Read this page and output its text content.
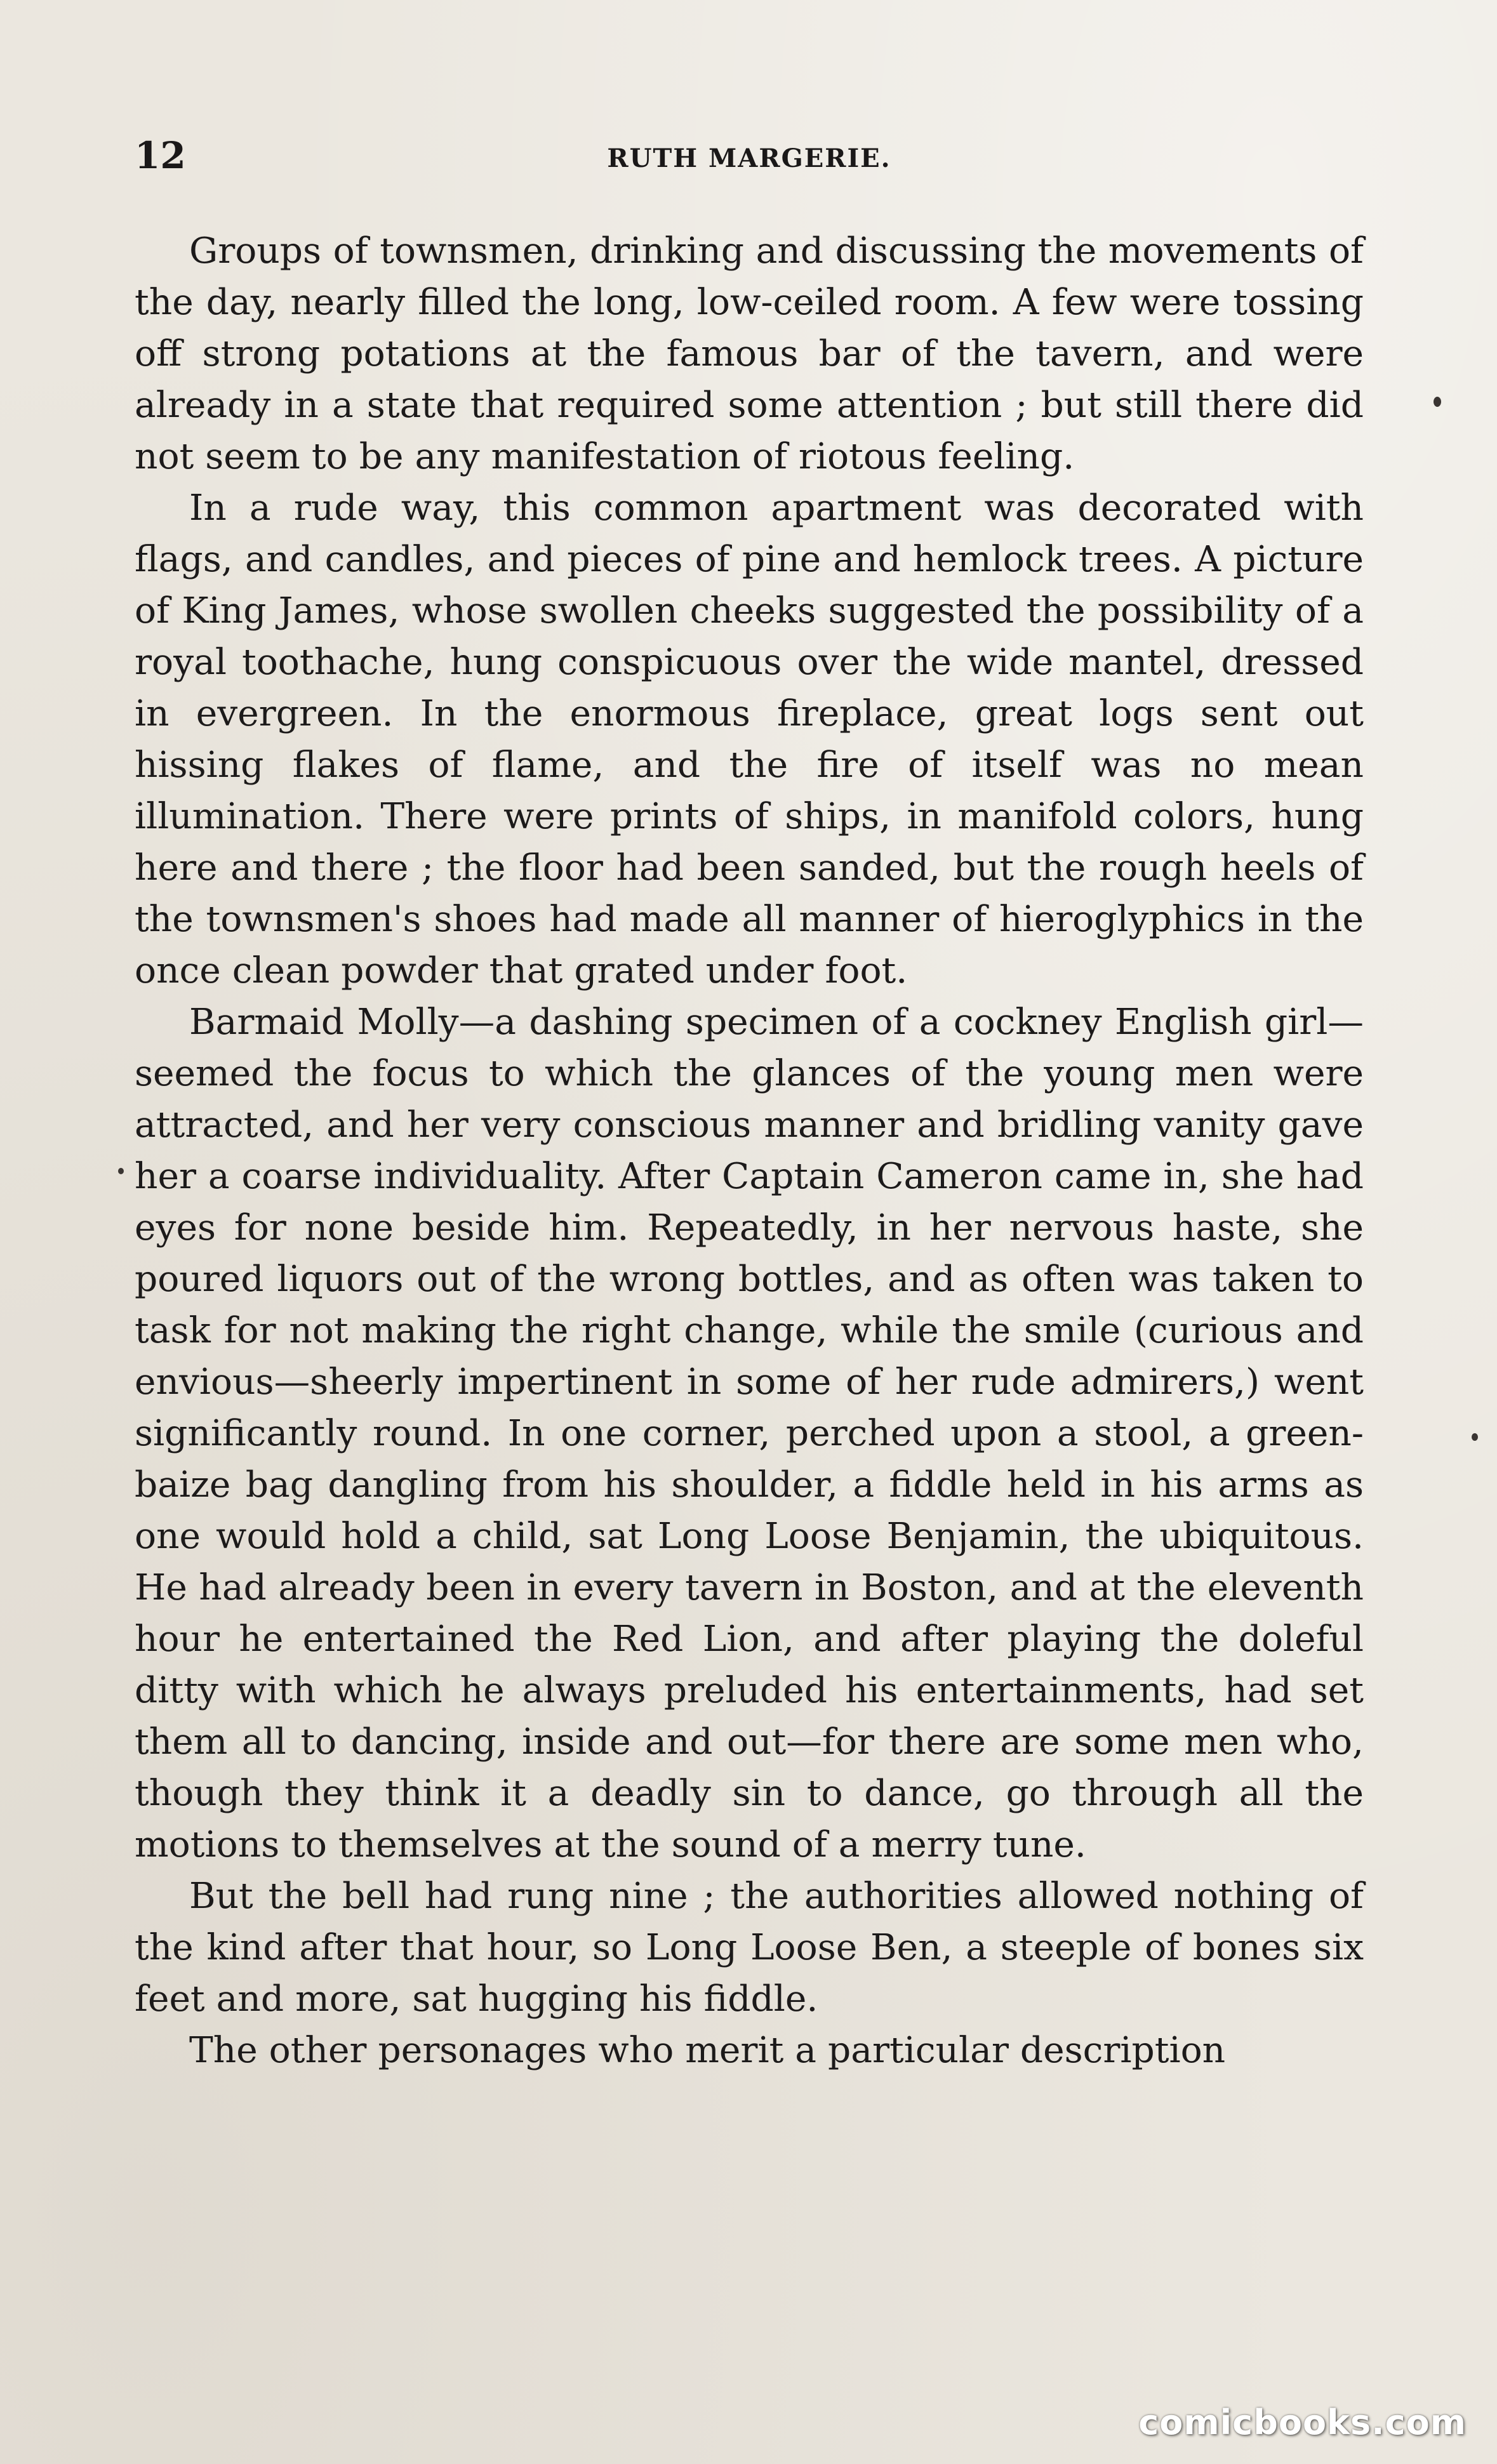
12	RUTH MARGERIE.

Groups of townsmen, drinking and discussing the movements of the day, nearly filled the long, low-ceiled room. A few were tossing off strong potations at the famous bar of the tavern, and were already in a state that required some attention ; but still there did not seem to be any manifestation of riotous feeling.

In a rude way, this common apartment was decorated with flags, and candles, and pieces of pine and hemlock trees. A picture of King James, whose swollen cheeks suggested the possibility of a royal toothache, hung conspicuous over the wide mantel, dressed in evergreen. In the enormous fireplace, great logs sent out hissing flakes of flame, and the fire of itself was no mean illumination. There were prints of ships, in manifold colors, hung here and there ; the floor had been sanded, but the rough heels of the townsmen's shoes had made all manner of hieroglyphics in the once clean powder that grated under foot.

Barmaid Molly—a dashing specimen of a cockney English girl—seemed the focus to which the glances of the young men were attracted, and her very conscious manner and bridling vanity gave her a coarse individuality. After Captain Cameron came in, she had eyes for none beside him. Repeatedly, in her nervous haste, she poured liquors out of the wrong bottles, and as often was taken to task for not making the right change, while the smile (curious and envious—sheerly impertinent in some of her rude admirers,) went significantly round. In one corner, perched upon a stool, a green-baize bag dangling from his shoulder, a fiddle held in his arms as one would hold a child, sat Long Loose Benjamin, the ubiquitous. He had already been in every tavern in Boston, and at the eleventh hour he entertained the Red Lion, and after playing the doleful ditty with which he always preluded his entertainments, had set them all to dancing, inside and out—for there are some men who, though they think it a deadly sin to dance, go through all the motions to themselves at the sound of a merry tune.

But the bell had rung nine ; the authorities allowed nothing of the kind after that hour, so Long Loose Ben, a steeple of bones six feet and more, sat hugging his fiddle.

The other personages who merit a particular description

comicbooks.com
